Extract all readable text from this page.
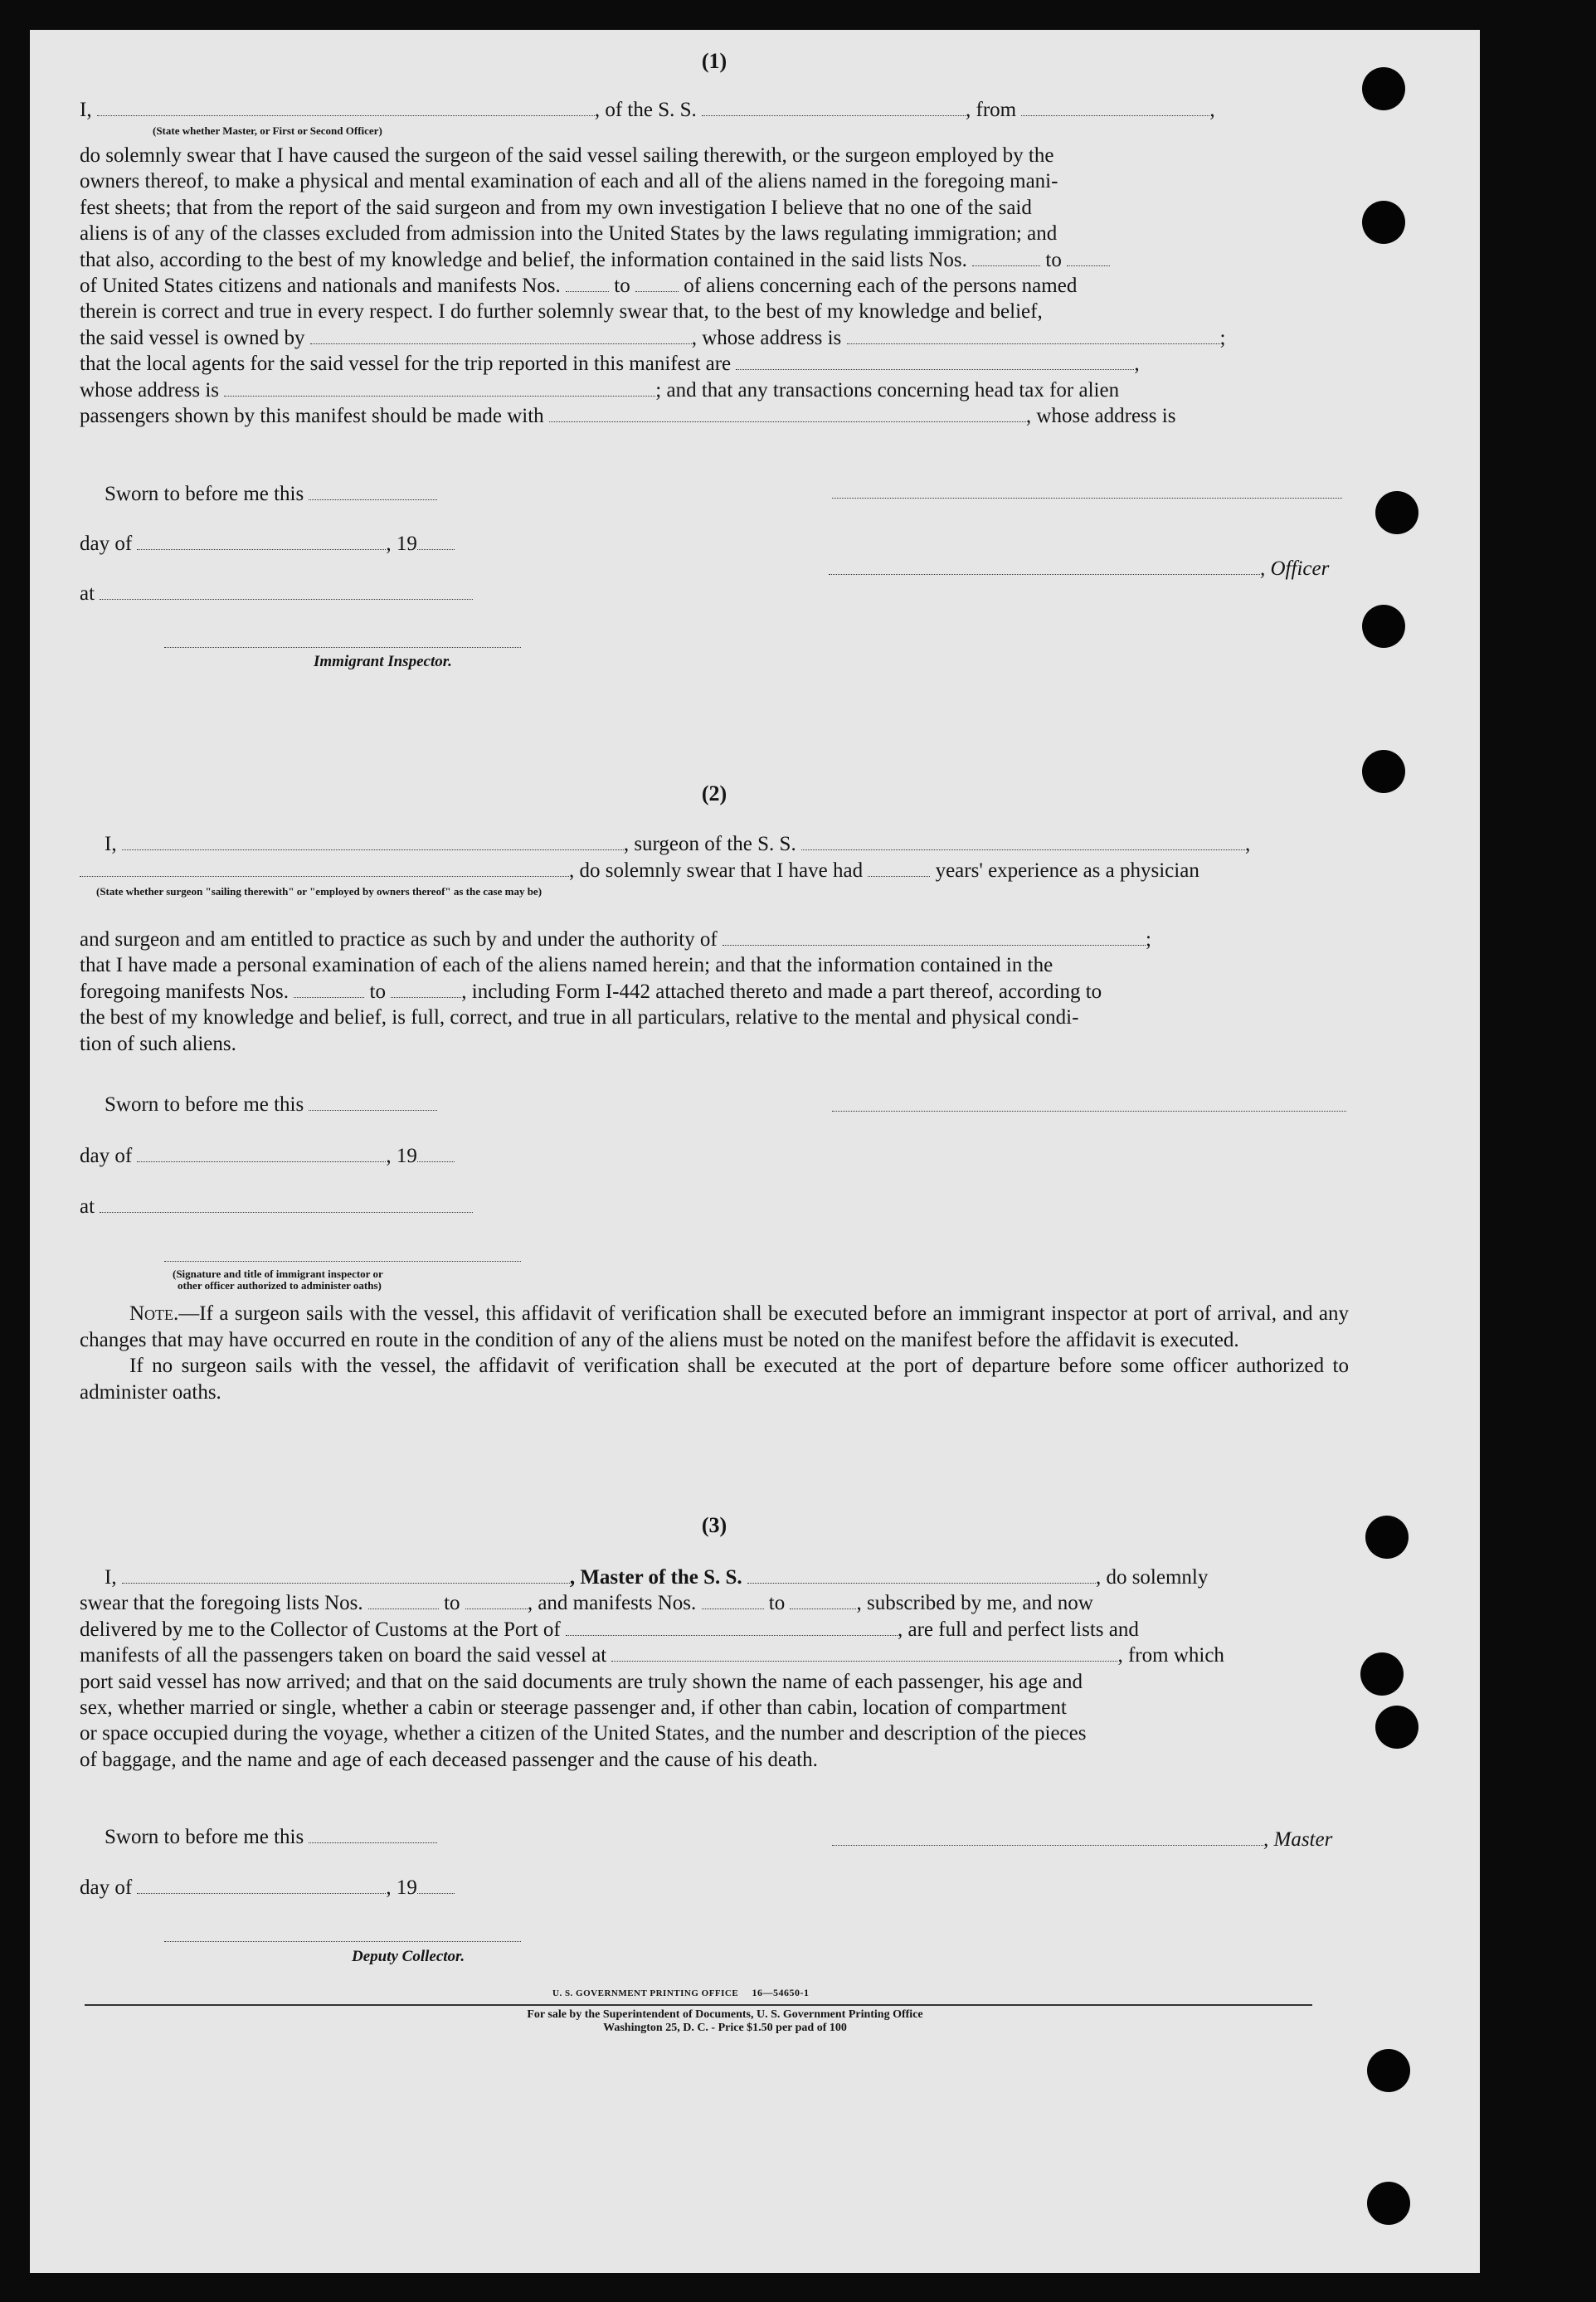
(1)
I,	, of the S. S.	, from	,
(State whether Master, or First or Second Officer)
do solemnly swear that I have caused the surgeon of the said vessel sailing therewith, or the surgeon employed by the
owners thereof, to make a physical and mental examination of each and all of the aliens named in the foregoing mani-
fest sheets; that from the report of the said surgeon and from my own investigation I believe that no one of the said
aliens is of any of the classes excluded from admission into the United States by the laws regulating immigration; and
that also, according to the best of my knowledge and belief, the information contained in the said lists Nos.	to
of United States citizens and nationals and manifests Nos.	to	of aliens concerning each of the persons named
therein is correct and true in every respect. I do further solemnly swear that, to the best of my knowledge and belief,
the said vessel is owned by	, whose address is	;
that the local agents for the said vessel for the trip reported in this manifest are	,
whose address is	; and that any transactions concerning head tax for alien
passengers shown by this manifest should be made with	, whose address is
Sworn to before me this
day of	, 19
, Officer
at
Immigrant Inspector.
(2)
I,	, surgeon of the S. S.	,
, do solemnly swear that I have had	years' experience as a physician
(State whether surgeon "sailing therewith" or "employed by owners thereof" as the case may be)
and surgeon and am entitled to practice as such by and under the authority of	;
that I have made a personal examination of each of the aliens named herein; and that the information contained in the
foregoing manifests Nos.	to	, including Form I-442 attached thereto and made a part thereof, according to
the best of my knowledge and belief, is full, correct, and true in all particulars, relative to the mental and physical condi-
tion of such aliens.
Sworn to before me this
day of	, 19
at
(Signature and title of immigrant inspector or
other officer authorized to administer oaths)
Note.—If a surgeon sails with the vessel, this affidavit of verification shall be executed before an immigrant inspector at port of arrival, and any changes that may have occurred en route in the condition of any of the aliens must be noted on the manifest before the affidavit is executed.
If no surgeon sails with the vessel, the affidavit of verification shall be executed at the port of departure before some officer authorized to administer oaths.
(3)
I,	, Master of the S. S.	, do solemnly
swear that the foregoing lists Nos.	to	, and manifests Nos.	to	, subscribed by me, and now
delivered by me to the Collector of Customs at the Port of	, are full and perfect lists and
manifests of all the passengers taken on board the said vessel at	, from which
port said vessel has now arrived; and that on the said documents are truly shown the name of each passenger, his age and
sex, whether married or single, whether a cabin or steerage passenger and, if other than cabin, location of compartment
or space occupied during the voyage, whether a citizen of the United States, and the number and description of the pieces
of baggage, and the name and age of each deceased passenger and the cause of his death.
Sworn to before me this	, Master
day of	, 19
Deputy Collector.
U. S. GOVERNMENT PRINTING OFFICE 16—54650-1
For sale by the Superintendent of Documents, U. S. Government Printing Office
Washington 25, D. C. - Price $1.50 per pad of 100
